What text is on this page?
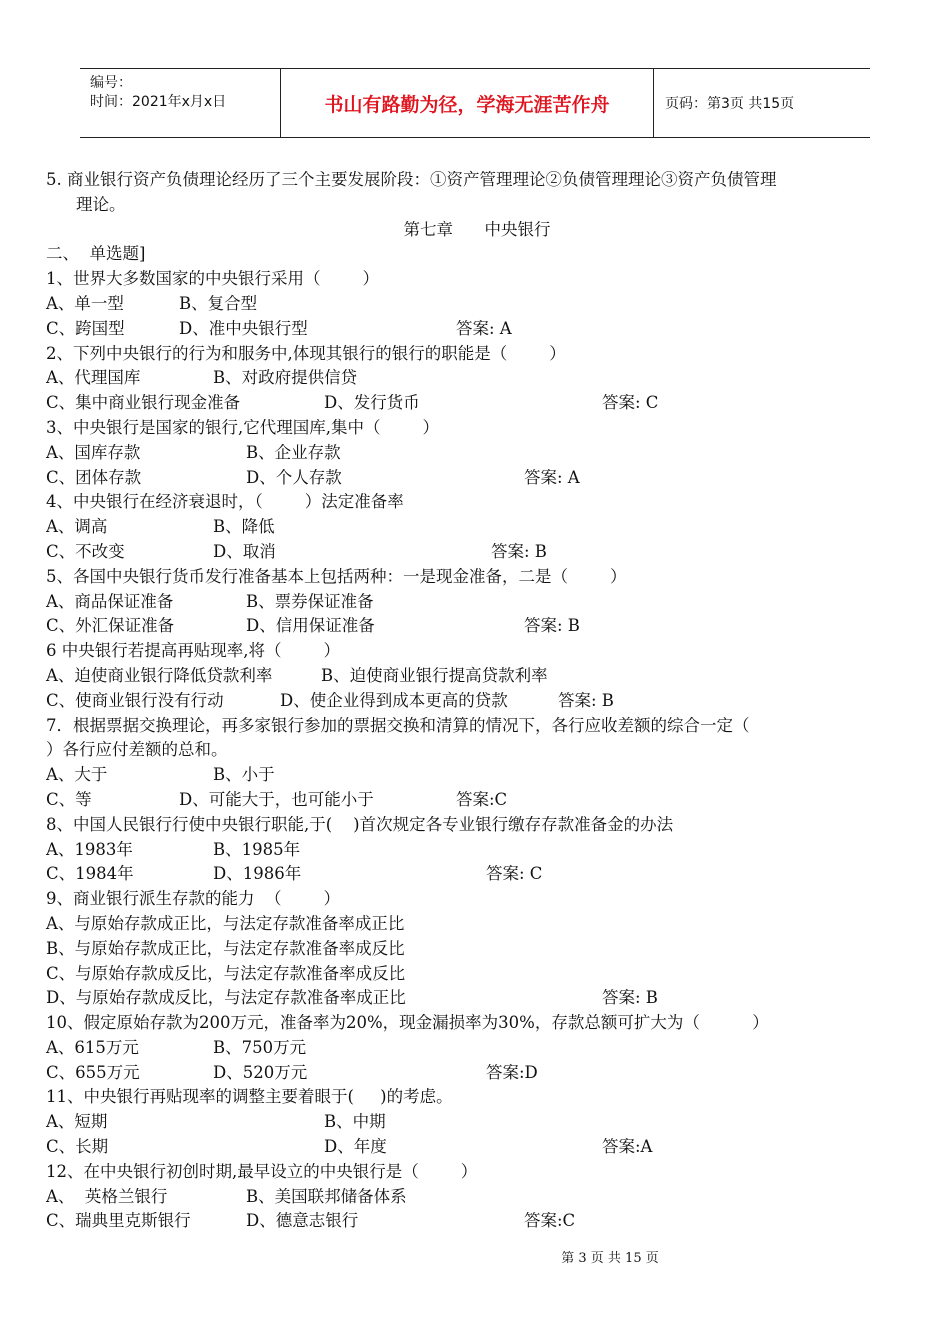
编号：
时间：2021年x月x日	书山有路勤为径，学海无涯苦作舟	页码：第3页 共15页
5. 商业银行资产负债理论经历了三个主要发展阶段：①资产管理理论②负债管理理论③资产负债管理
理论。
第七章      中央银行
二、  单选题]
1、世界大多数国家的中央银行采用（        ）

A、单一型

	B、复合型

C、跨国型

	D、准中央银行型

	答案: A

2、下列中央银行的行为和服务中,体现其银行的银行的职能是（        ）

A、代理国库

	B、对政府提供信贷

C、集中商业银行现金准备

	D、发行货币

	答案: C

3、中央银行是国家的银行,它代理国库,集中（        ）

A、国库存款

	B、企业存款

C、团体存款

	D、个人存款

	答案: A

4、中央银行在经济衰退时，（        ）法定准备率

A、调高

	B、降低

C、不改变

	D、取消

	答案: B

5、各国中央银行货币发行准备基本上包括两种：一是现金准备，二是（        ）

A、商品保证准备

	B、票券保证准备

C、外汇保证准备

	D、信用保证准备

	答案: B

6 中央银行若提高再贴现率,将（        ）

A、迫使商业银行降低贷款利率

	B、迫使商业银行提高贷款利率

C、使商业银行没有行动

	D、使企业得到成本更高的贷款

	答案: B

7．根据票据交换理论，再多家银行参加的票据交换和清算的情况下，各行应收差额的综合一定（
）各行应付差额的总和。

A、大于

	B、小于

C、等

	D、可能大于，也可能小于

	答案:C

8、中国人民银行行使中央银行职能,于(    )首次规定各专业银行缴存存款准备金的办法

A、1983年

	B、1985年

C、1984年

	D、1986年

	答案: C

9、商业银行派生存款的能力  （        ）
A、与原始存款成正比，与法定存款准备率成正比
B、与原始存款成正比，与法定存款准备率成反比
C、与原始存款成反比，与法定存款准备率成反比

D、与原始存款成反比，与法定存款准备率成正比

	答案: B

10、假定原始存款为200万元，准备率为20%，现金漏损率为30%，存款总额可扩大为（          ）

A、615万元

	B、750万元

C、655万元

	D、520万元

	答案:D

11、中央银行再贴现率的调整主要着眼于(     )的考虑。

A、短期

	B、中期

C、长期

	D、年度

	答案:A

12、在中央银行初创时期,最早设立的中央银行是（        ）

A、  英格兰银行

	B、美国联邦储备体系

C、瑞典里克斯银行

	D、德意志银行

	答案:C

第 3 页 共 15 页
